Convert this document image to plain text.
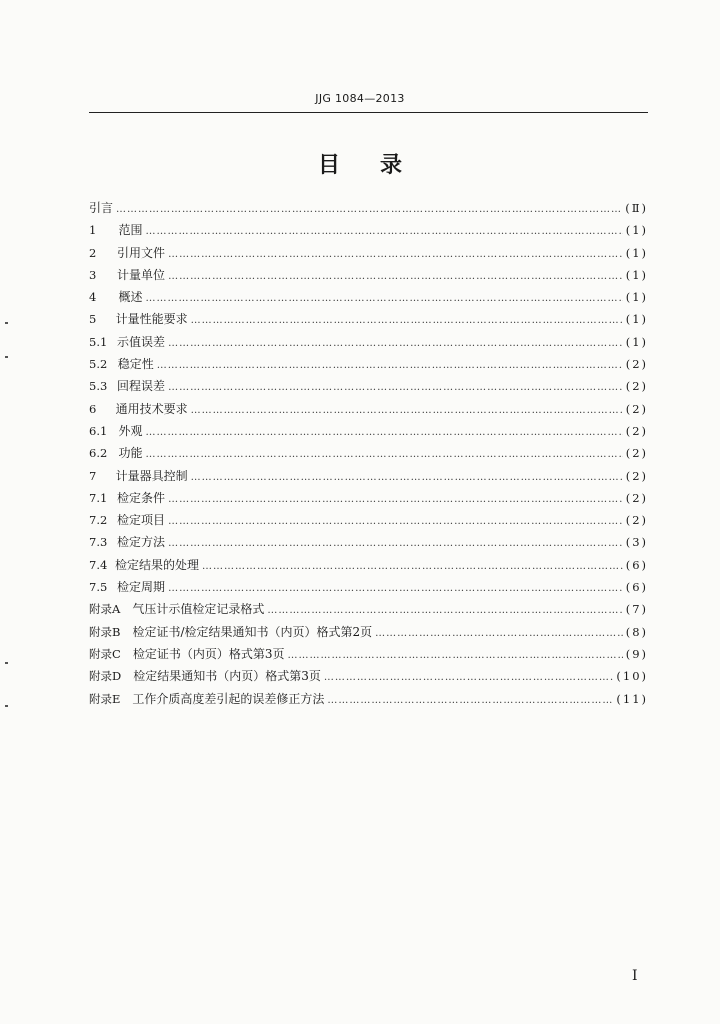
JJG 1084—2013
目录
引言 ……………………………………………………………………………………………………………………………………………………	(Ⅱ)
1	范围 ……………………………………………………………………………………………………………………………………………………	(1)
2	引用文件 ……………………………………………………………………………………………………………………………………………………	(1)
3	计量单位 ……………………………………………………………………………………………………………………………………………………	(1)
4	概述 ……………………………………………………………………………………………………………………………………………………	(1)
5	计量性能要求 ……………………………………………………………………………………………………………………………………………………	(1)
5.1 示值误差 ……………………………………………………………………………………………………………………………………………………	(1)
5.2 稳定性 ……………………………………………………………………………………………………………………………………………………	(2)
5.3 回程误差 ……………………………………………………………………………………………………………………………………………………	(2)
6	通用技术要求 ……………………………………………………………………………………………………………………………………………………	(2)
6.1 外观 ……………………………………………………………………………………………………………………………………………………	(2)
6.2 功能 ……………………………………………………………………………………………………………………………………………………	(2)
7	计量器具控制 ……………………………………………………………………………………………………………………………………………………	(2)
7.1 检定条件 ……………………………………………………………………………………………………………………………………………………	(2)
7.2 检定项目 ……………………………………………………………………………………………………………………………………………………	(2)
7.3 检定方法 ……………………………………………………………………………………………………………………………………………………	(3)
7.4 检定结果的处理 ……………………………………………………………………………………………………………………………………………………	(6)
7.5 检定周期 ……………………………………………………………………………………………………………………………………………………	(6)
附录A 气压计示值检定记录格式 ……………………………………………………………………………………………………………………………………………………	(7)
附录B 检定证书/检定结果通知书（内页）格式第2页 ……………………………………………………………………………………………………………………………………………………	(8)
附录C 检定证书（内页）格式第3页 ……………………………………………………………………………………………………………………………………………………	(9)
附录D 检定结果通知书（内页）格式第3页 ……………………………………………………………………………………………………………………………………………………	(10)
附录E 工作介质高度差引起的误差修正方法 ……………………………………………………………………………………………………………………………………………………	(11)
I
